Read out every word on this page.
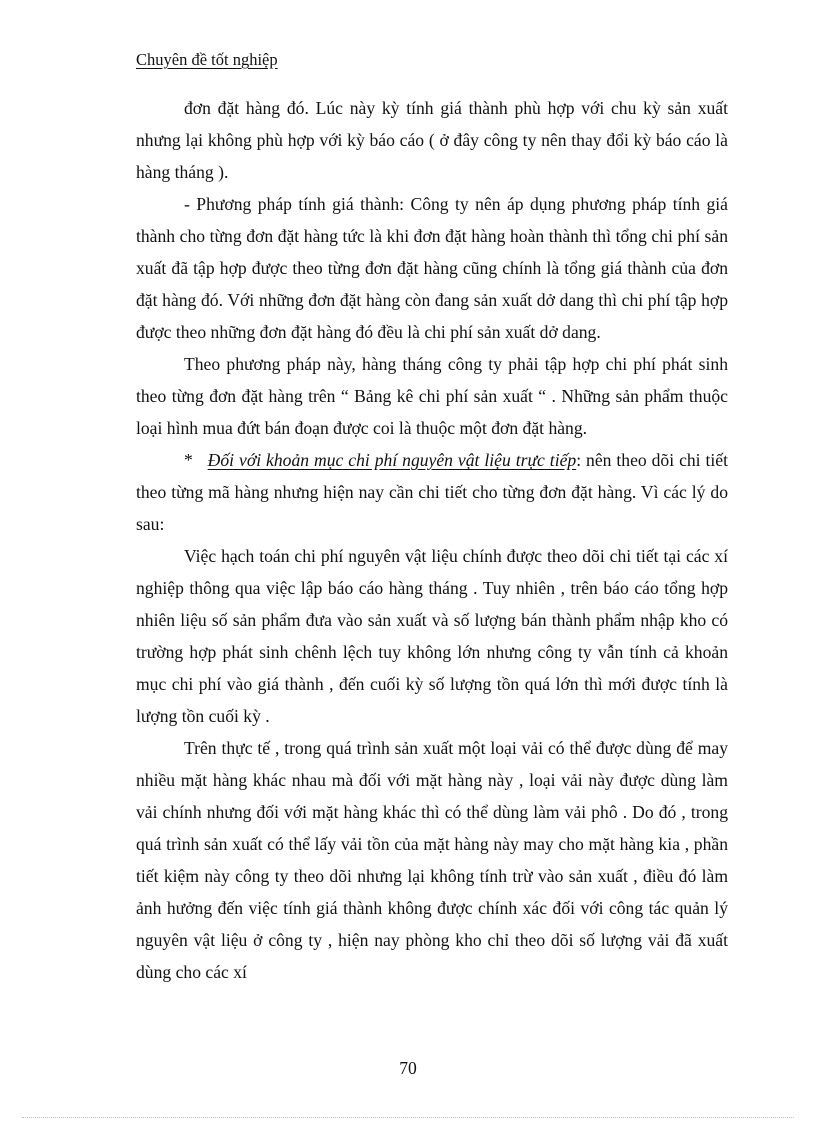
Chuyên đề tốt nghiệp

đơn đặt hàng đó. Lúc này kỳ tính giá thành phù hợp với chu kỳ sản xuất nhưng lại không phù hợp với kỳ báo cáo ( ở đây công ty nên thay đổi kỳ báo cáo là hàng tháng ).

- Phương pháp tính giá thành: Công ty nên áp dụng phương pháp tính giá thành cho từng đơn đặt hàng tức là khi đơn đặt hàng hoàn thành thì tổng chi phí sản xuất đã tập hợp được theo từng đơn đặt hàng cũng chính là tổng giá thành của đơn đặt hàng đó. Với những đơn đặt hàng còn đang sản xuất dở dang thì chi phí tập hợp được theo những đơn đặt hàng đó đều là chi phí sản xuất dở dang.

Theo phương pháp này, hàng tháng công ty phải tập hợp chi phí phát sinh theo từng đơn đặt hàng trên “ Bảng kê chi phí sản xuất “ . Những sản phẩm thuộc loại hình mua đứt bán đoạn được coi là thuộc một đơn đặt hàng.

* Đối với khoản mục chi phí nguyên vật liệu trực tiếp: nên theo dõi chi tiết theo từng mã hàng nhưng hiện nay cần chi tiết cho từng đơn đặt hàng. Vì các lý do sau:

Việc hạch toán chi phí nguyên vật liệu chính được theo dõi chi tiết tại các xí nghiệp thông qua việc lập báo cáo hàng tháng . Tuy nhiên , trên báo cáo tổng hợp nhiên liệu số sản phẩm đưa vào sản xuất và số lượng bán thành phẩm nhập kho có trường hợp phát sinh chênh lệch tuy không lớn nhưng công ty vẫn tính cả khoản mục chi phí vào giá thành , đến cuối kỳ số lượng tồn quá lớn thì mới được tính là lượng tồn cuối kỳ .

Trên thực tế , trong quá trình sản xuất một loại vải có thể được dùng để may nhiều mặt hàng khác nhau mà đối với mặt hàng này , loại vải này được dùng làm vải chính nhưng đối với mặt hàng khác thì có thể dùng làm vải phô . Do đó , trong quá trình sản xuất có thể lấy vải tồn của mặt hàng này may cho mặt hàng kia , phần tiết kiệm này công ty theo dõi nhưng lại không tính trừ vào sản xuất , điều đó làm ảnh hưởng đến việc tính giá thành không được chính xác đối với công tác quản lý nguyên vật liệu ở công ty , hiện nay phòng kho chỉ theo dõi số lượng vải đã xuất dùng cho các xí

70
